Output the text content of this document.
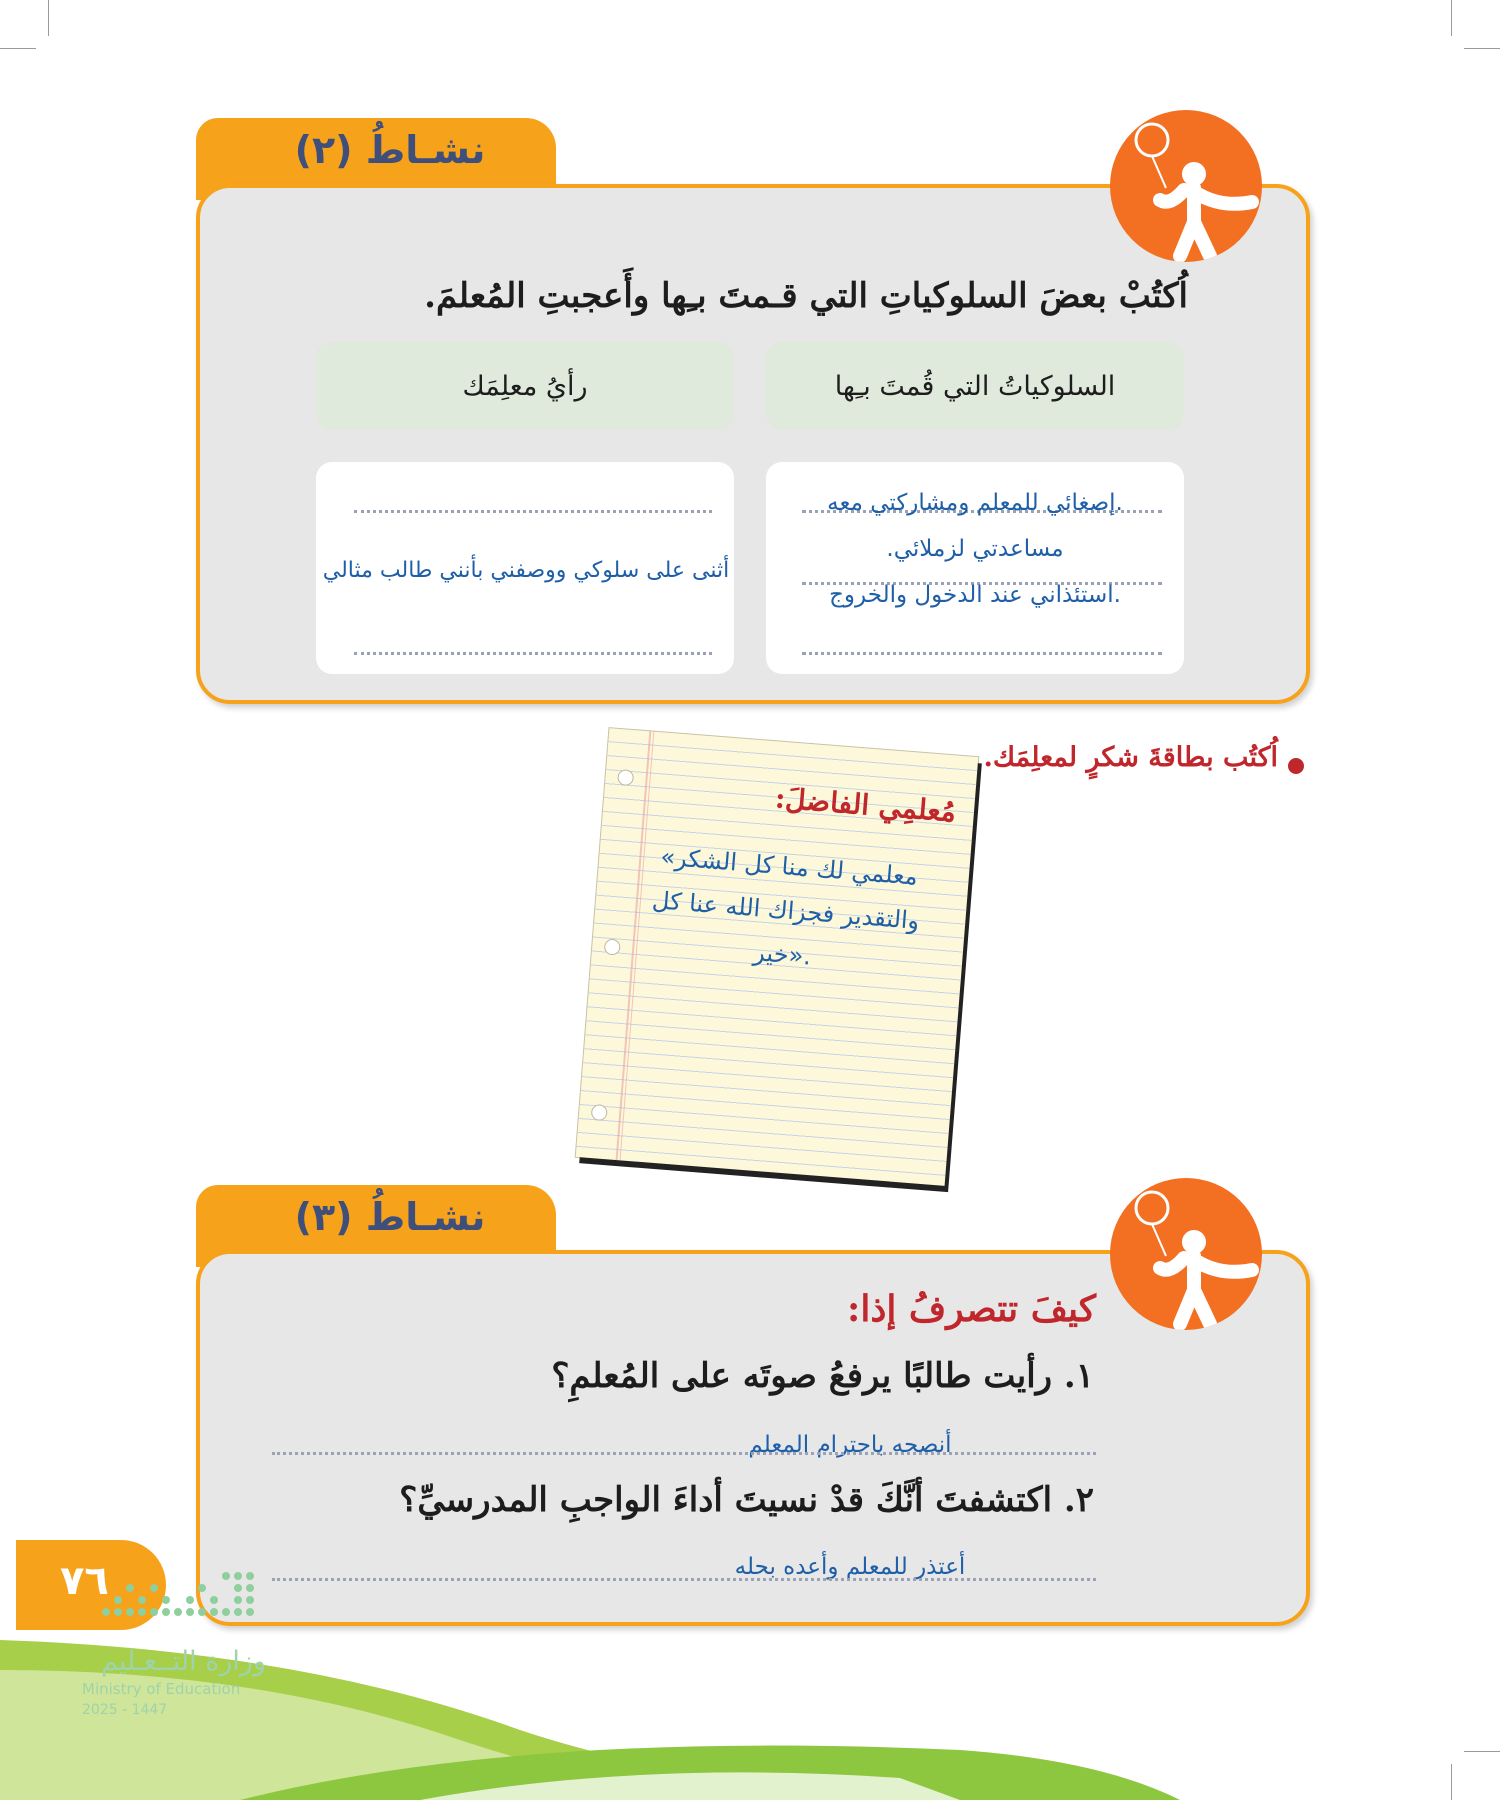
نشـاطُ (٢)
اُكتُبْ بعضَ السلوكياتِ التي قـمتَ بـِها وأَعجبتِ المُعلمَ.
السلوكياتُ التي قُمتَ بـِها
رأيُ معلِمَك
.إصغائي للمعلم ومشاركتي معه
مساعدتي لزملائي.
.استئذاني عند الدخول والخروج
أثنى على سلوكي ووصفني بأنني طالب مثالي
اُكتُب بطاقةَ شكرٍ لمعلِمَك.
مُعلمِي الفاضلَ:
معلمي لك منا كل الشكر»
والتقدير فجزاك الله عنا كل
.«خير
نشـاطُ (٣)
كيفَ تتصرفُ إذا:
١. رأيت طالبًا يرفعُ صوتَه على المُعلمِ؟
أنصحه باحترام المعلم
٢. اكتشفتَ أنَّكَ قدْ نسيتَ أداءَ الواجبِ المدرسيِّ؟
أعتذر للمعلم وأعده بحله
٧٦
وزارة التــعـليم
Ministry of Education
2025 - 1447
